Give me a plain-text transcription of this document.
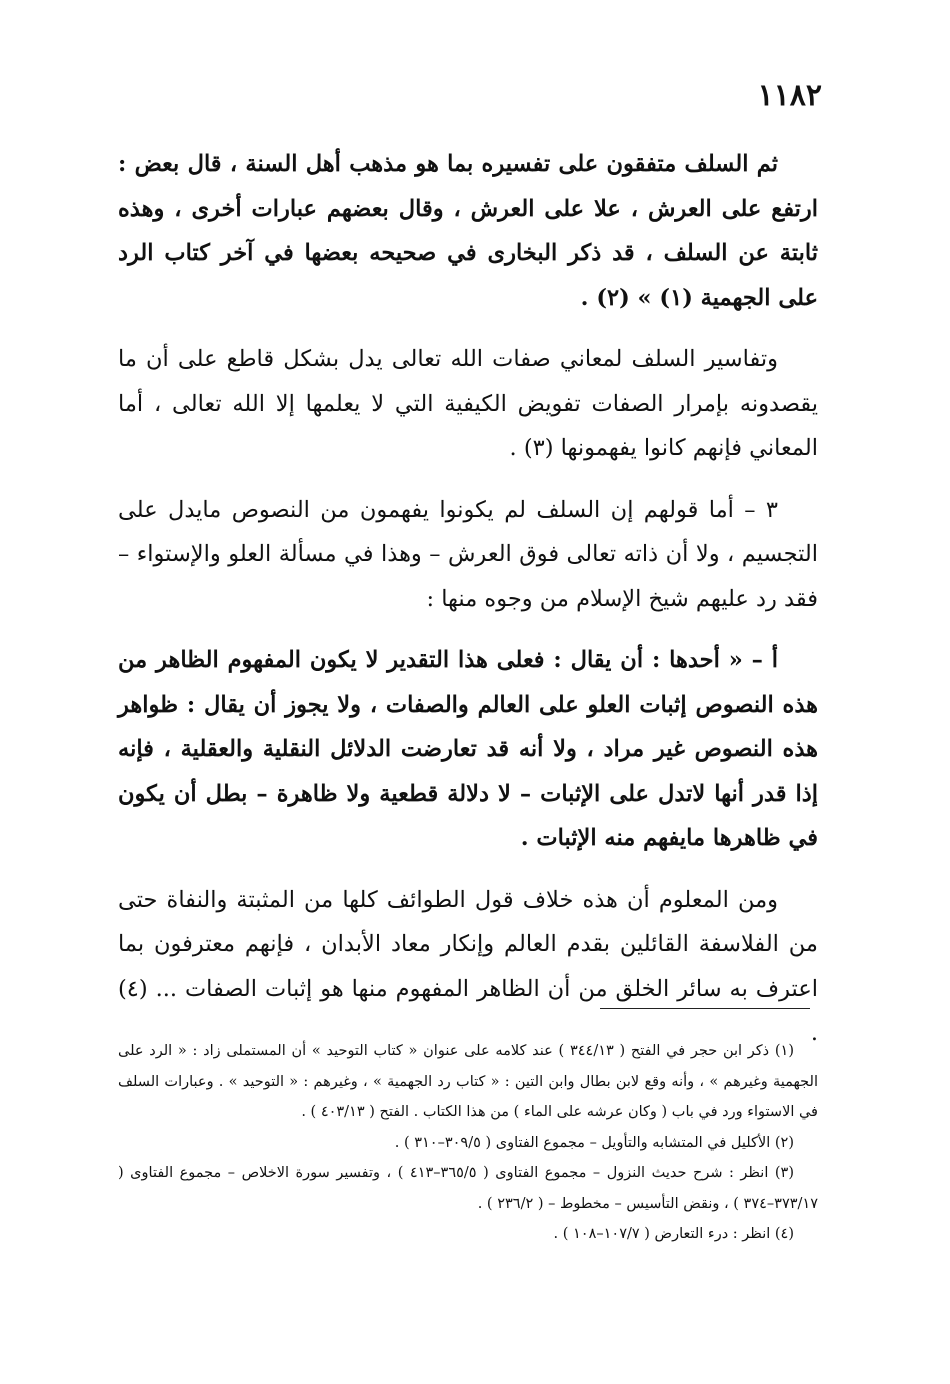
١١٨٢

ثم السلف متفقون على تفسيره بما هو مذهب أهل السنة ، قال بعض : ارتفع على العرش ، علا على العرش ، وقال بعضهم عبارات أخرى ، وهذه ثابتة عن السلف ، قد ذكر البخارى في صحيحه بعضها في آخر كتاب الرد على الجهمية (١) » (٢) .

وتفاسير السلف لمعاني صفات الله تعالى يدل بشكل قاطع على أن ما يقصدونه بإمرار الصفات تفويض الكيفية التي لا يعلمها إلا الله تعالى ، أما المعاني فإنهم كانوا يفهمونها (٣) .

٣ – أما قولهم إن السلف لم يكونوا يفهمون من النصوص مايدل على التجسيم ، ولا أن ذاته تعالى فوق العرش – وهذا في مسألة العلو والإستواء – فقد رد عليهم شيخ الإسلام من وجوه منها :

أ – « أحدها : أن يقال : فعلى هذا التقدير لا يكون المفهوم الظاهر من هذه النصوص إثبات العلو على العالم والصفات ، ولا يجوز أن يقال : ظواهر هذه النصوص غير مراد ، ولا أنه قد تعارضت الدلائل النقلية والعقلية ، فإنه إذا قدر أنها لاتدل على الإثبات – لا دلالة قطعية ولا ظاهرة – بطل أن يكون في ظاهرها مايفهم منه الإثبات .

ومن المعلوم أن هذه خلاف قول الطوائف كلها من المثبتة والنفاة حتى من الفلاسفة القائلين بقدم العالم وإنكار معاد الأبدان ، فإنهم معترفون بما اعترف به سائر الخلق من أن الظاهر المفهوم منها هو إثبات الصفات ... (٤) .

(١) ذكر ابن حجر في الفتح ( ٣٤٤/١٣ ) عند كلامه على عنوان « كتاب التوحيد » أن المستملى زاد : « الرد على الجهمية وغيرهم » ، وأنه وقع لابن بطال وابن التين : « كتاب رد الجهمية » ، وغيرهم : « التوحيد » . وعبارات السلف في الاستواء ورد في باب ( وكان عرشه على الماء ) من هذا الكتاب . الفتح ( ٤٠٣/١٣ ) .

(٢) الأكليل في المتشابه والتأويل – مجموع الفتاوى ( ٣٠٩/٥–٣١٠ ) .

(٣) انظر : شرح حديث النزول – مجموع الفتاوى ( ٣٦٥/٥–٤١٣ ) ، وتفسير سورة الاخلاص – مجموع الفتاوى ( ٣٧٣/١٧–٣٧٤ ) ، ونقض التأسيس – مخطوط – ( ٢٣٦/٢ ) .

(٤) انظر : درء التعارض ( ١٠٧/٧–١٠٨ ) .
